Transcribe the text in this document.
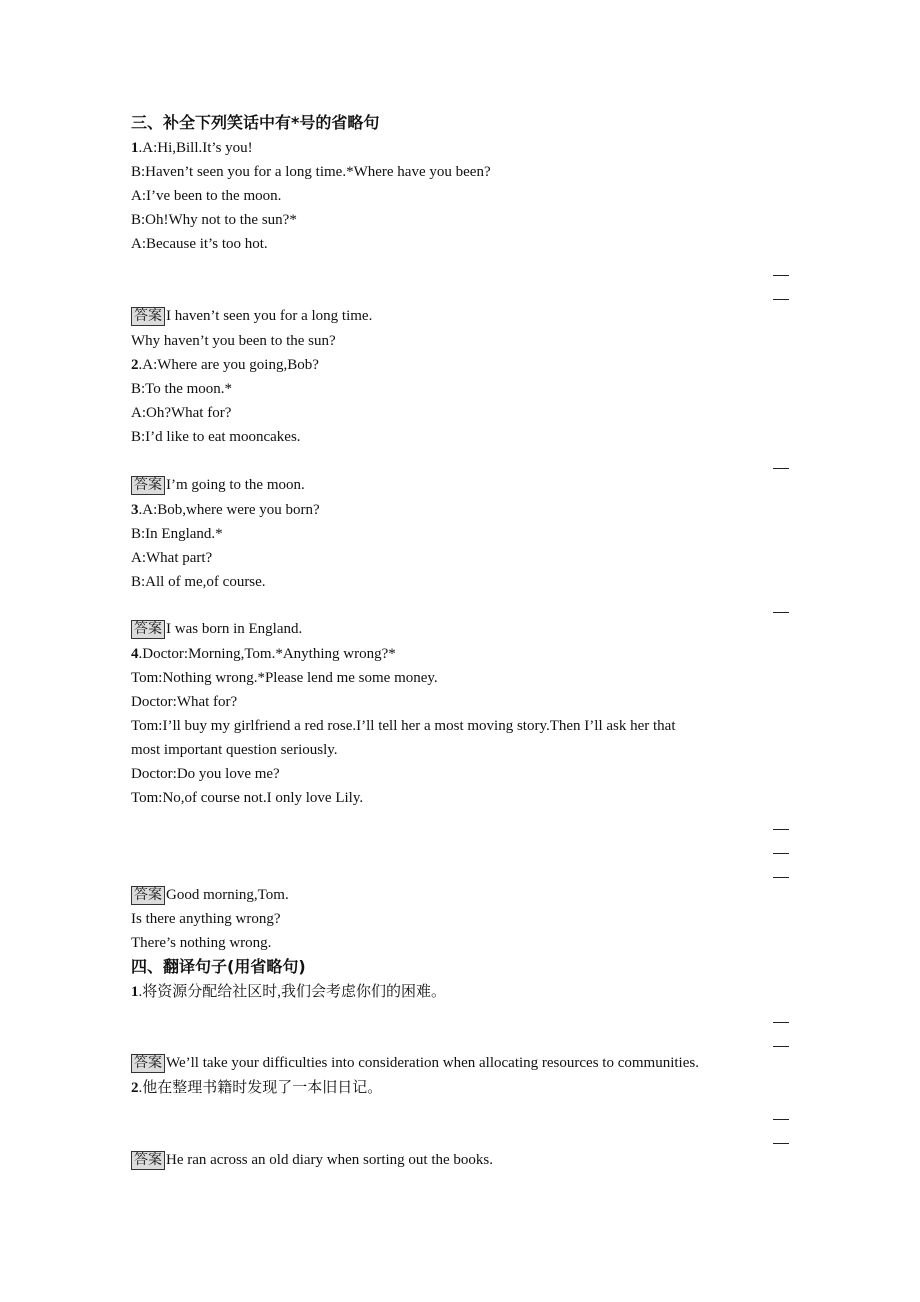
三、补全下列笑话中有*号的省略句
1.A:Hi,Bill.It’s you!
B:Haven’t seen you for a long time.*Where have you been?
A:I’ve been to the moon.
B:Oh!Why not to the sun?*
A:Because it’s too hot.
答案 I haven’t seen you for a long time.
Why haven’t you been to the sun?
2.A:Where are you going,Bob?
B:To the moon.*
A:Oh?What for?
B:I’d like to eat mooncakes.
答案 I’m going to the moon.
3.A:Bob,where were you born?
B:In England.*
A:What part?
B:All of me,of course.
答案 I was born in England.
4.Doctor:Morning,Tom.*Anything wrong?*
Tom:Nothing wrong.*Please lend me some money.
Doctor:What for?
Tom:I’ll buy my girlfriend a red rose.I’ll tell her a most moving story.Then I’ll ask her that
most important question seriously.
Doctor:Do you love me?
Tom:No,of course not.I only love Lily.
答案 Good morning,Tom.
Is there anything wrong?
There’s nothing wrong.
四、翻译句子(用省略句)
1.将资源分配给社区时,我们会考虑你们的困难。
答案 We’ll take your difficulties into consideration when allocating resources to communities.
2.他在整理书籍时发现了一本旧日记。
答案 He ran across an old diary when sorting out the books.
